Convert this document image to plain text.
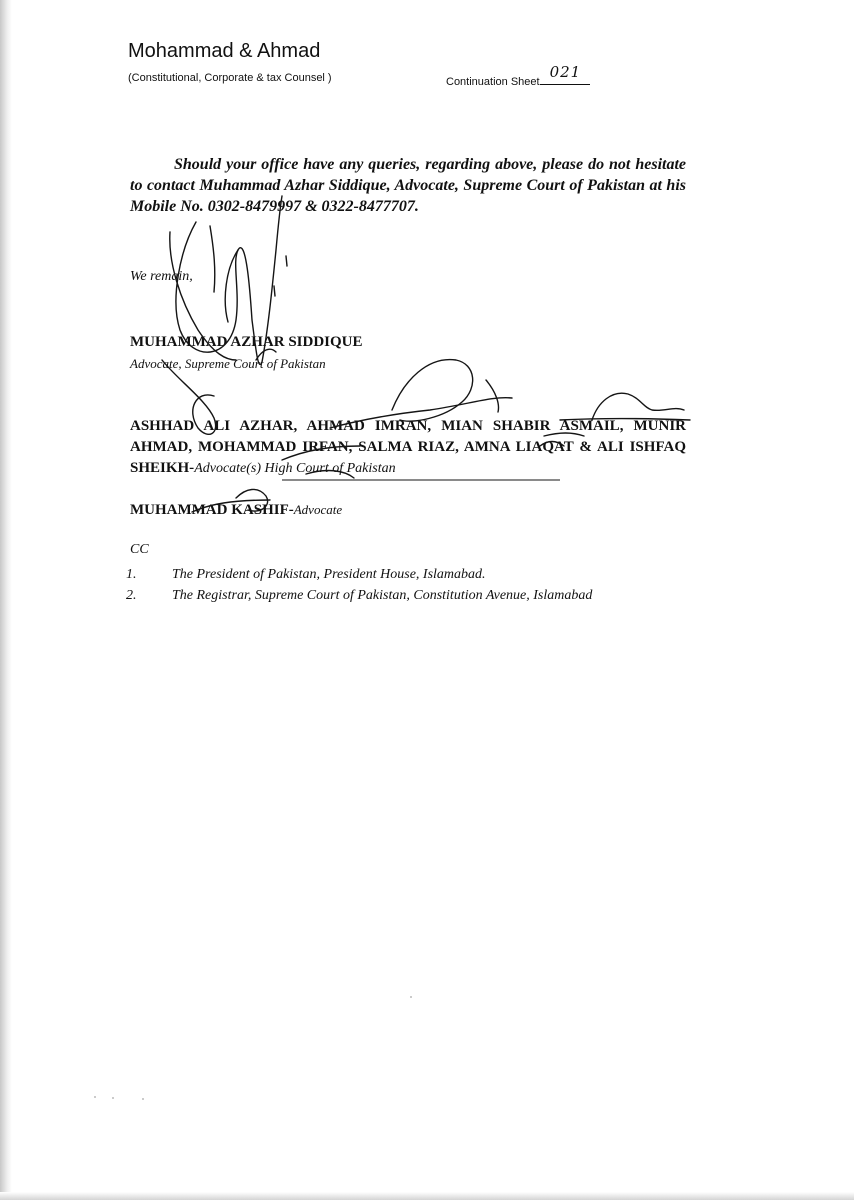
Mohammad & Ahmad
(Constitutional, Corporate & tax Counsel )	Continuation Sheet
021

Should your office have any queries, regarding above, please do not hesitate to contact Muhammad Azhar Siddique, Advocate, Supreme Court of Pakistan at his Mobile No. 0302-8479997 & 0322-8477707.

We remain,
MUHAMMAD AZHAR SIDDIQUE
Advocate, Supreme Court of Pakistan

ASHHAD ALI AZHAR, AHMAD IMRAN, MIAN SHABIR ASMAIL, MUNIR AHMAD, MOHAMMAD IRFAN, SALMA RIAZ, AMNA LIAQAT & ALI ISHFAQ SHEIKH-Advocate(s) High Court of Pakistan

MUHAMMAD KASHIF-Advocate
CC
1.	The President of Pakistan, President House, Islamabad.
2.	The Registrar, Supreme Court of Pakistan, Constitution Avenue, Islamabad
